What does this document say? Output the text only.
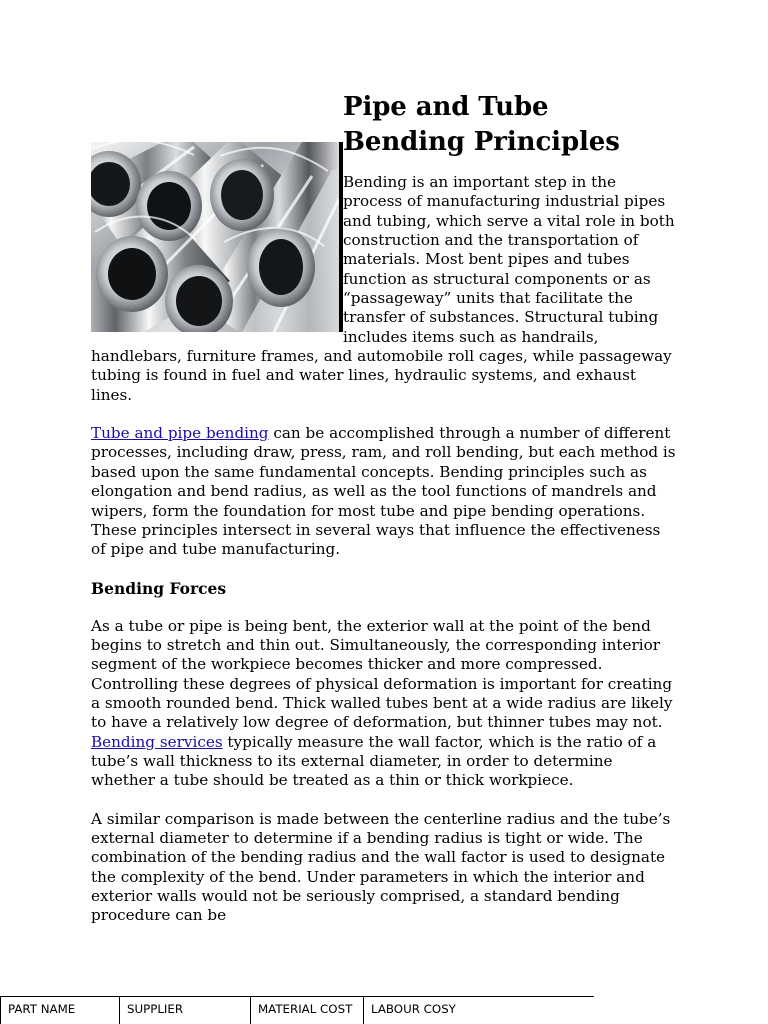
Pipe and Tube Bending Principles

Bending is an important step in the process of manufacturing industrial pipes and tubing, which serve a vital role in both construction and the transportation of materials. Most bent pipes and tubes function as structural components or as “passageway” units that facilitate the transfer of substances. Structural tubing includes items such as handrails, handlebars, furniture frames, and automobile roll cages, while passageway tubing is found in fuel and water lines, hydraulic systems, and exhaust lines.

Tube and pipe bending can be accomplished through a number of different processes, including draw, press, ram, and roll bending, but each method is based upon the same fundamental concepts. Bending principles such as elongation and bend radius, as well as the tool functions of mandrels and wipers, form the foundation for most tube and pipe bending operations. These principles intersect in several ways that influence the effectiveness of pipe and tube manufacturing.

Bending Forces

As a tube or pipe is being bent, the exterior wall at the point of the bend begins to stretch and thin out. Simultaneously, the corresponding interior segment of the workpiece becomes thicker and more compressed. Controlling these degrees of physical deformation is important for creating a smooth rounded bend. Thick walled tubes bent at a wide radius are likely to have a relatively low degree of deformation, but thinner tubes may not. Bending services typically measure the wall factor, which is the ratio of a tube’s wall thickness to its external diameter, in order to determine whether a tube should be treated as a thin or thick workpiece.

A similar comparison is made between the centerline radius and the tube’s external diameter to determine if a bending radius is tight or wide. The combination of the bending radius and the wall factor is used to designate the complexity of the bend. Under parameters in which the interior and exterior walls would not be seriously comprised, a standard bending procedure can be

PART NAME	SUPPLIER	MATERIAL COST	LABOUR COSY
